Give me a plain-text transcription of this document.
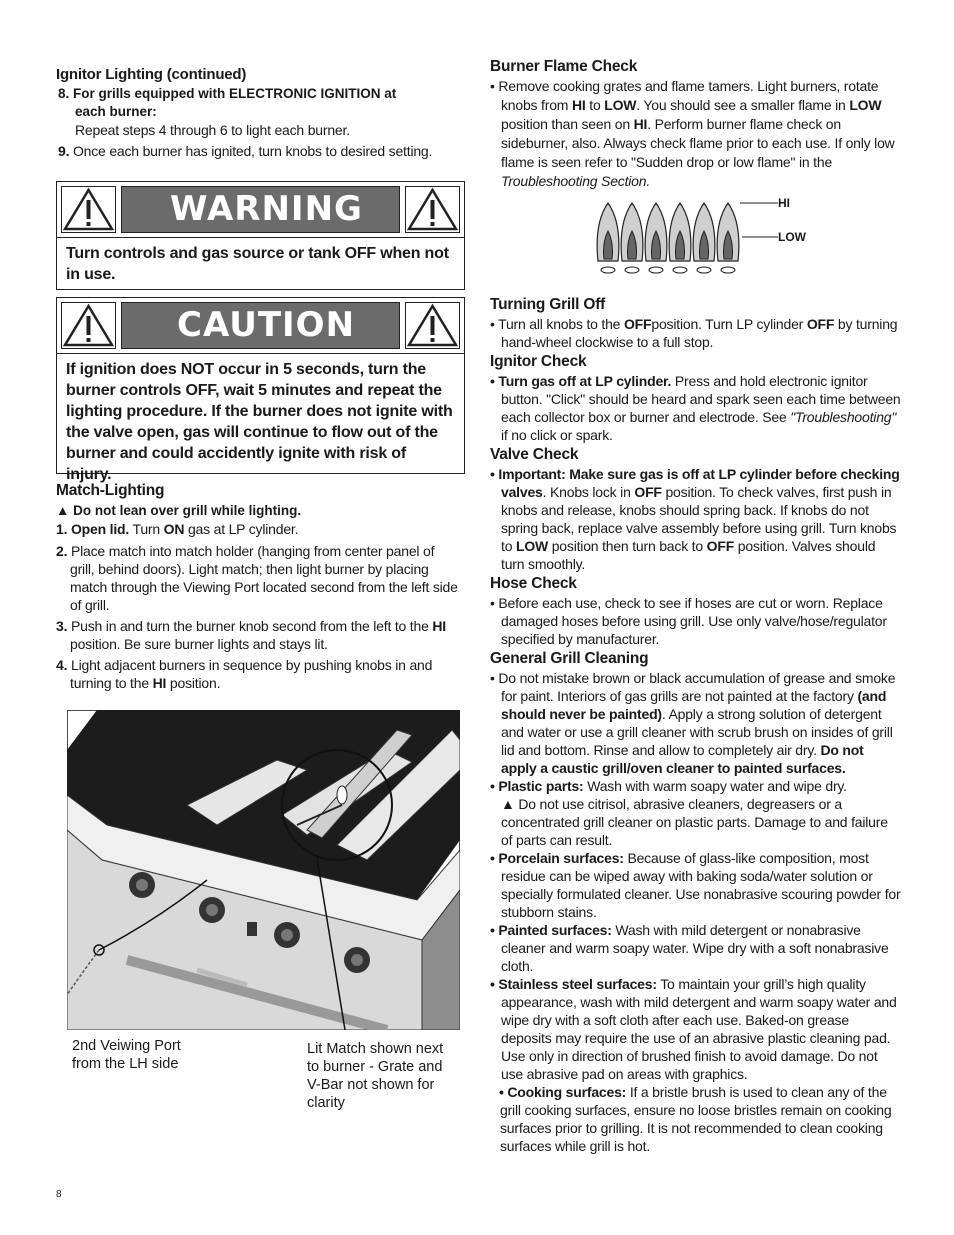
Ignitor Lighting (continued)

8. For grills equipped with ELECTRONIC IGNITION at
each burner:

Repeat steps 4 through 6 to light each burner.

9. Once each burner has ignited, turn knobs to desired setting.

WARNING
Turn controls and gas source or tank OFF when not in use.
CAUTION
If ignition does NOT occur in 5 seconds, turn the burner controls OFF, wait 5 minutes and repeat the lighting procedure. If the burner does not ignite with the valve open, gas will continue to flow out of the burner and could accidently ignite with risk of injury.

Match-Lighting

▲ Do not lean over grill while lighting.

1. Open lid. Turn ON gas at LP cylinder.

2. Place match into match holder (hanging from center panel of grill, behind doors). Light match; then light burner by placing match through the Viewing Port located second from the left side of grill.

3. Push in and turn the burner knob second from the left to the HI position. Be sure burner lights and stays lit.

4. Light adjacent burners in sequence by pushing knobs in and turning to the HI position.

2nd Veiwing Port from the LH side

Lit Match shown next to burner - Grate and V-Bar not shown for clarity

8

Burner Flame Check

• Remove cooking grates and flame tamers. Light burners, rotate knobs from HI to LOW. You should see a smaller flame in LOW position than seen on HI. Perform burner flame check on sideburner, also. Always check flame prior to each use. If only low flame is seen refer to "Sudden drop or low flame" in the Troubleshooting Section.

HI
LOW

Turning Grill Off

• Turn all knobs to the OFFposition. Turn LP cylinder OFF by turning hand-wheel clockwise to a full stop.

Ignitor Check

• Turn gas off at LP cylinder. Press and hold electronic ignitor button. "Click" should be heard and spark seen each time between each collector box or burner and electrode. See "Troubleshooting" if no click or spark.

Valve Check

• Important: Make sure gas is off at LP cylinder before checking valves. Knobs lock in OFF position. To check valves, first push in knobs and release, knobs should spring back. If knobs do not spring back, replace valve assembly before using grill. Turn knobs to LOW position then turn back to OFF position. Valves should turn smoothly.

Hose Check

• Before each use, check to see if hoses are cut or worn. Replace damaged hoses before using grill. Use only valve/hose/regulator specified by manufacturer.

General Grill Cleaning

• Do not mistake brown or black accumulation of grease and smoke for paint. Interiors of gas grills are not painted at the factory (and should never be painted). Apply a strong solution of detergent and water or use a grill cleaner with scrub brush on insides of grill lid and bottom. Rinse and allow to completely air dry. Do not apply a caustic grill/oven cleaner to painted surfaces.

• Plastic parts: Wash with warm soapy water and wipe dry.

▲ Do not use citrisol, abrasive cleaners, degreasers or a concentrated grill cleaner on plastic parts. Damage to and failure of parts can result.

• Porcelain surfaces: Because of glass-like composition, most residue can be wiped away with baking soda/water solution or specially formulated cleaner. Use nonabrasive scouring powder for stubborn stains.

• Painted surfaces: Wash with mild detergent or nonabrasive cleaner and warm soapy water. Wipe dry with a soft nonabrasive cloth.

• Stainless steel surfaces: To maintain your grill’s high quality appearance, wash with mild detergent and warm soapy water and wipe dry with a soft cloth after each use. Baked-on grease deposits may require the use of an abrasive plastic cleaning pad. Use only in direction of brushed finish to avoid damage. Do not use abrasive pad on areas with graphics.

• Cooking surfaces: If a bristle brush is used to clean any of the grill cooking surfaces, ensure no loose bristles remain on cooking surfaces prior to grilling. It is not recommended to clean cooking surfaces while grill is hot.
